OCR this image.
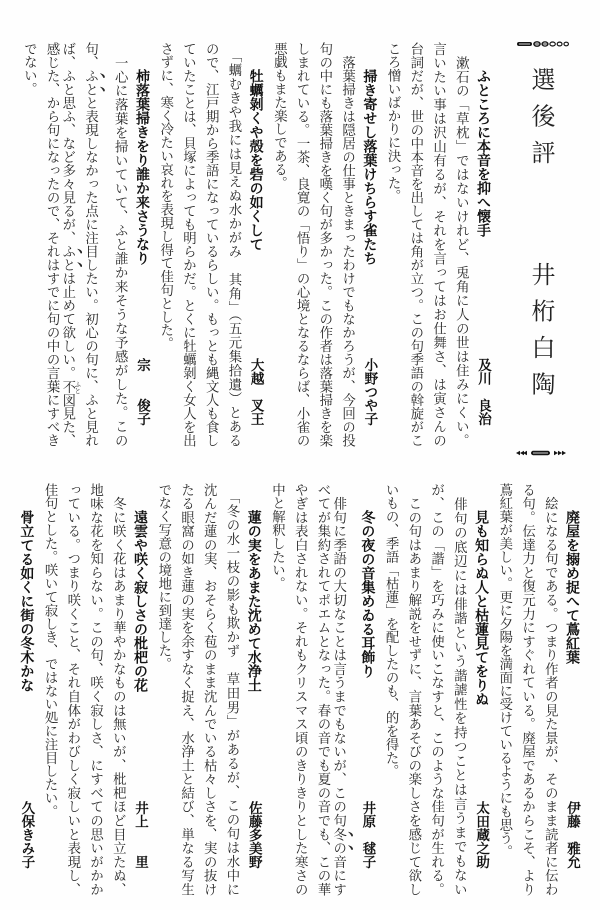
選後評
井桁白陶
ふところに本音を抑へ懐手
及川　良治
　漱石の「草枕」ではないけれど、兎角に人の世は住みにくい。
言いたい事は沢山有るが、それを言ってはお仕舞さ、は寅さんの
台詞だが、世の中本音を出しては角が立つ。この句季語の斡旋がこ
ころ憎いばかりに決った。
掃き寄せし落葉けちらす雀たち
小野つや子
　落葉掃きは隠居の仕事ときまったわけでもなかろうが、今回の投
句の中にも落葉掃きを嘆く句が多かった。この作者は落葉掃きを楽
しまれている。一茶、良寛の「悟り」の心境となるならば、小雀の
悪戯もまた楽しである。
牡蠣剝くや殻を砦の如くして
大越　叉王
　「蠣むきや我には見えぬ水かがみ　其角」（五元集拾遺）とある
ので、江戸期から季語になっているらしい。もっとも縄文人も食し
ていたことは、貝塚によっても明らかだ。とくに牡蠣剝く女人を出
さずに、寒く冷たい哀れを表現し得て佳句とした。
柿落葉掃きをり誰か来さうなり
宗　　俊子
　一心に落葉を掃いていて、ふと誰か来そうな予感がした。この
句、ふとと表現しなかった点に注目したい。初心の句に、ふと見れ
ば、ふと思ふ、など多々見るが、ふとは止めて欲しい。不図
ふと
見た、
感じた、から句になったので、それはすでに句の中の言葉にすべき
でない。
廃屋を搦め捉へて蔦紅葉
伊藤　雅允
　絵になる句である。つまり作者の見た景が、そのまま読者に伝わ
る句。伝達力と復元力にすぐれている。廃屋であるからこそ、より
蔦紅葉が美しい。更に夕陽を満面に受けているようにも思う。
見も知らぬ人と枯蓮見てをりぬ
太田蔵之助
　俳句の底辺には俳諧という諧謔性を持つことは言うまでもない
が、この「諧」を巧みに使いこなすと、このような佳句が生れる。
　この句はあまり解説をせずに、言葉あそびの楽しさを感じて欲し
いもの、季語「枯蓮」を配したのも、的を得た。
冬の夜の音集めゐる耳飾り
井原　毬子
　俳句に季語の大切なことは言うまでもないが、この句冬の音にす
べてが集約されてポエムとなった。春の音でも夏の音でも、この華
やぎは表白されない。それもクリスマス頃のきりきりとした寒さの
中と解釈したい。
蓮の実をあまた沈めて水浄土
佐藤多美野
　「冬の水一枝の影も欺かず　草田男」があるが、この句は水中に
沈んだ蓮の実、おそらく苞のまま沈んでいる枯々しさを、実の抜け
たる眼窩の如き蓮の実を余すなく捉え、水浄土と結び、単なる写生
でなく写意の境地に到達した。
遠雲や咲く寂しさの枇杷の花
井上　　里
　冬に咲く花はあまり華やかなものは無いが、枇杷ほど目立たぬ、
地味な花を知らない。この句、咲く寂しさ、にすべての思いがかか
っている。つまり咲くこと、それ自体がわびしく寂しいと表現し、
佳句とした。咲いて寂しき、ではない処に注目したい。
骨立てる如くに街の冬木かな
久保きみ子
